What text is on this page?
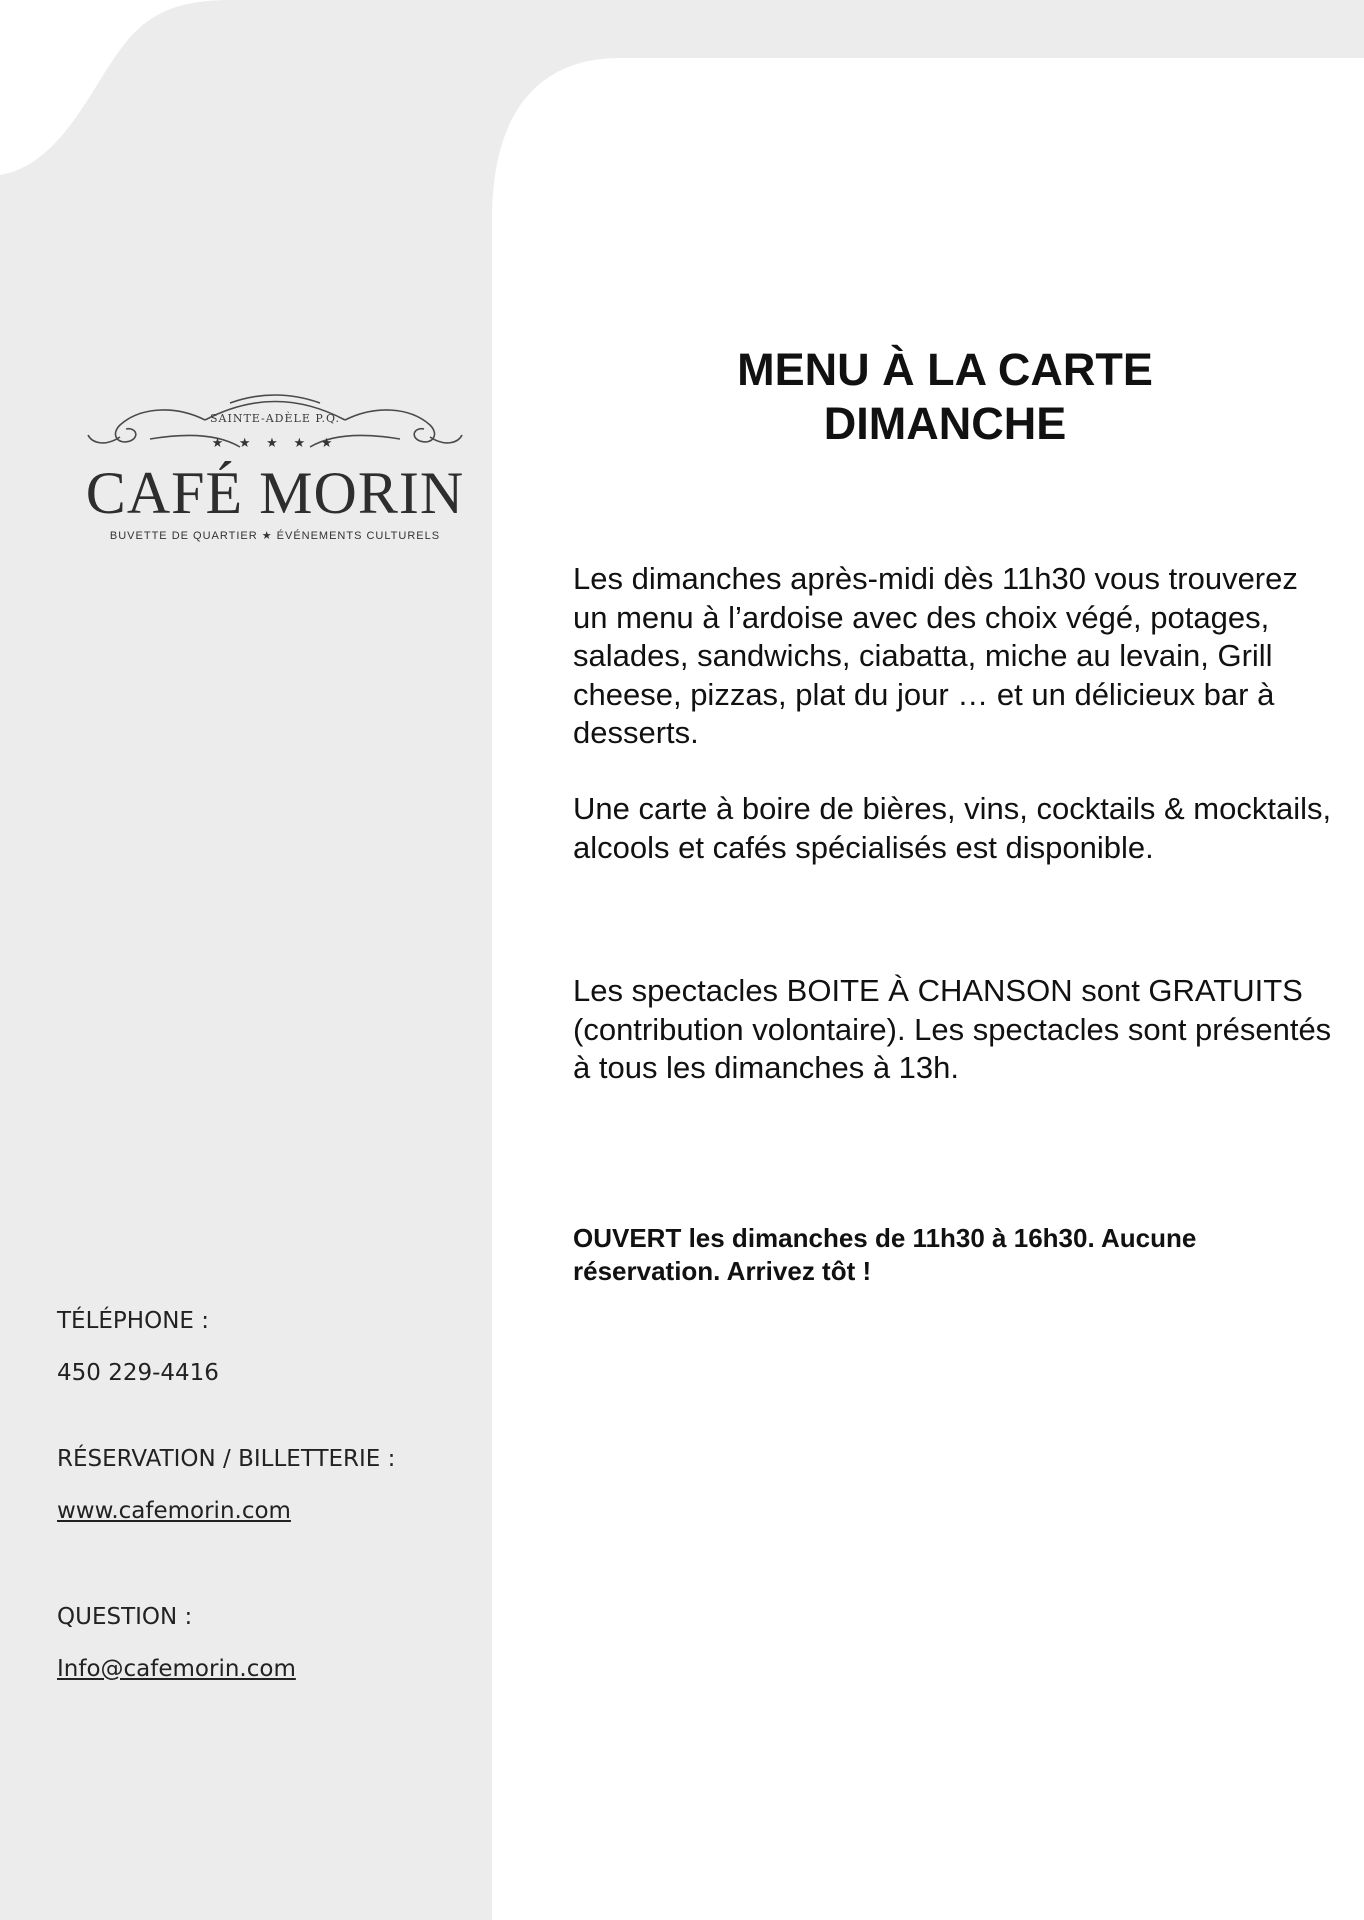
SAINTE-ADÈLE P.Q.
★ ★ ★ ★ ★
CAFÉ MORIN
BUVETTE DE QUARTIER ★ ÉVÉNEMENTS CULTURELS
MENU À LA CARTE
DIMANCHE

Les dimanches après-midi dès 11h30 vous trouverez un menu à l’ardoise avec des choix végé, potages, salades, sandwichs, ciabatta, miche au levain, Grill cheese, pizzas, plat du jour … et un délicieux bar à desserts.

Une carte à boire de bières, vins, cocktails & mocktails, alcools et cafés spécialisés est disponible.

Les spectacles BOITE À CHANSON sont GRATUITS (contribution volontaire). Les spectacles sont présentés à tous les dimanches à 13h.

OUVERT les dimanches de 11h30 à 16h30. Aucune réservation. Arrivez tôt !

TÉLÉPHONE :
450 229-4416
RÉSERVATION / BILLETTERIE :
www.cafemorin.com
QUESTION :
Info@cafemorin.com
